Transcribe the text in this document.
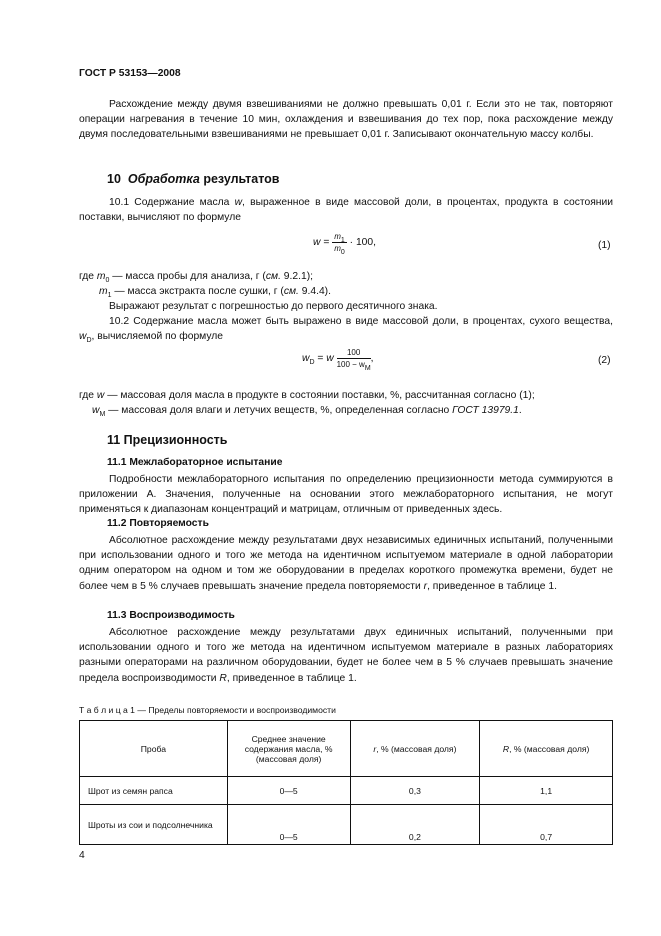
ГОСТ Р 53153—2008
Расхождение между двумя взвешиваниями не должно превышать 0,01 г. Если это не так, повторяют операции нагревания в течение 10 мин, охлаждения и взвешивания до тех пор, пока расхождение между двумя последовательными взвешиваниями не превышает 0,01 г. Записывают окончательную массу колбы.
10 Обработка результатов
10.1 Содержание масла w, выраженное в виде массовой доли, в процентах, продукта в состоянии поставки, вычисляют по формуле
$w = \frac{m_1}{m_0} \cdot 100$,	(1)
где $m_0$ — масса пробы для анализа, г (см. 9.2.1);
$m_1$ — масса экстракта после сушки, г (см. 9.4.4).
Выражают результат с погрешностью до первого десятичного знака.
10.2 Содержание масла может быть выражено в виде массовой доли, в процентах, сухого вещества, $w_D$, вычисляемой по формуле
$w_D = w \frac{100}{100 - w_M}$ ,	(2)
где w — массовая доля масла в продукте в состоянии поставки, %, рассчитанная согласно (1);
$w_M$ — массовая доля влаги и летучих веществ, %, определенная согласно ГОСТ 13979.1.
11 Прецизионность
11.1 Межлабораторное испытание
Подробности межлабораторного испытания по определению прецизионности метода суммируются в приложении А. Значения, полученные на основании этого межлабораторного испытания, не могут применяться к диапазонам концентраций и матрицам, отличным от приведенных здесь.
11.2 Повторяемость
Абсолютное расхождение между результатами двух независимых единичных испытаний, полученными при использовании одного и того же метода на идентичном испытуемом материале в одной лаборатории одним оператором на одном и том же оборудовании в пределах короткого промежутка времени, будет не более чем в 5 % случаев превышать значение предела повторяемости r, приведенное в таблице 1.
11.3 Воспроизводимость
Абсолютное расхождение между результатами двух единичных испытаний, полученными при использовании одного и того же метода на идентичном испытуемом материале в разных лабораториях разными операторами на различном оборудовании, будет не более чем в 5 % случаев превышать значение предела воспроизводимости R, приведенное в таблице 1.
Т а б л и ц а 1 — Пределы повторяемости и воспроизводимости
Проба	Среднее значение содержания масла, % (массовая доля)	r, % (массовая доля)	R, % (массовая доля)
Шрот из семян рапса	0—5	0,3	1,1
Шроты из сои и подсолнечника	0—5	0,2	0,7
4
